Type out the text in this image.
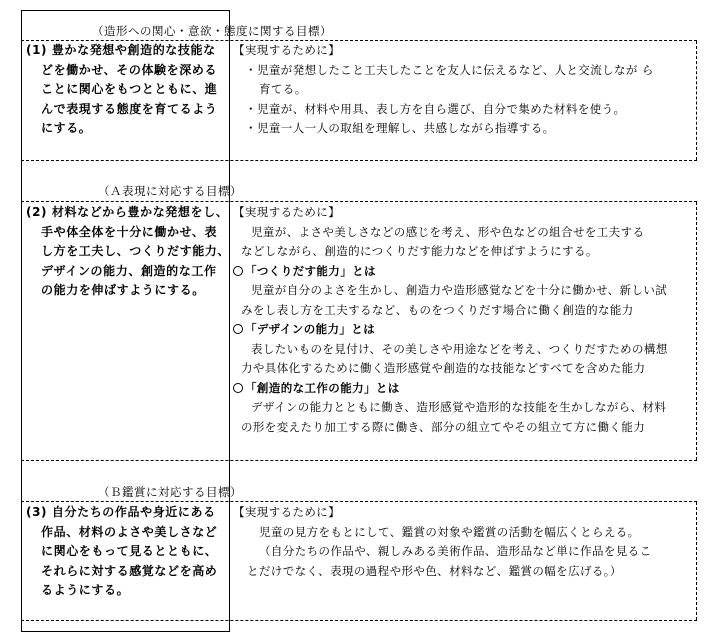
（造形への関心・意欲・態度に関する目標）
(1) 豊かな発想や創造的な技能な
どを働かせ、その体験を深める
ことに関心をもつとともに、進
んで表現する態度を育てるよう
にする。
【実現するために】
・児童が発想したこと工夫したことを友人に伝えるなど、人と交流しなが ら
育てる。
・児童が、材料や用具、表し方を自ら選び、自分で集めた材料を使う。
・児童一人一人の取組を理解し、共感しながら指導する。
（Ａ表現に対応する目標）
(2) 材料などから豊かな発想をし、
手や体全体を十分に働かせ、表
し方を工夫し、つくりだす能力、
デザインの能力、創造的な工作
の能力を伸ばすようにする。
【実現するために】
児童が、よさや美しさなどの感じを考え、形や色などの組合せを工夫する
などしながら、創造的につくりだす能力などを伸ばすようにする。
「つくりだす能力」とは
児童が自分のよさを生かし、創造力や造形感覚などを十分に働かせ、新しい試
みをし表し方を工夫するなど、ものをつくりだす場合に働く創造的な能力
「デザインの能力」とは
表したいものを見付け、その美しさや用途などを考え、つくりだすための構想
力や具体化するために働く造形感覚や創造的な技能などすべてを含めた能力
「創造的な工作の能力」とは
デザインの能力とともに働き、造形感覚や造形的な技能を生かしながら、材料
の形を変えたり加工する際に働き、部分の組立てやその組立て方に働く能力
（Ｂ鑑賞に対応する目標）
(3) 自分たちの作品や身近にある
作品、材料のよさや美しさなど
に関心をもって見るとともに、
それらに対する感覚などを高め
るようにする。
【実現するために】
児童の見方をもとにして、鑑賞の対象や鑑賞の活動を幅広くとらえる。
（自分たちの作品や、親しみある美術作品、造形品など単に作品を見るこ
とだけでなく、表現の過程や形や色、材料など、鑑賞の幅を広げる。）
